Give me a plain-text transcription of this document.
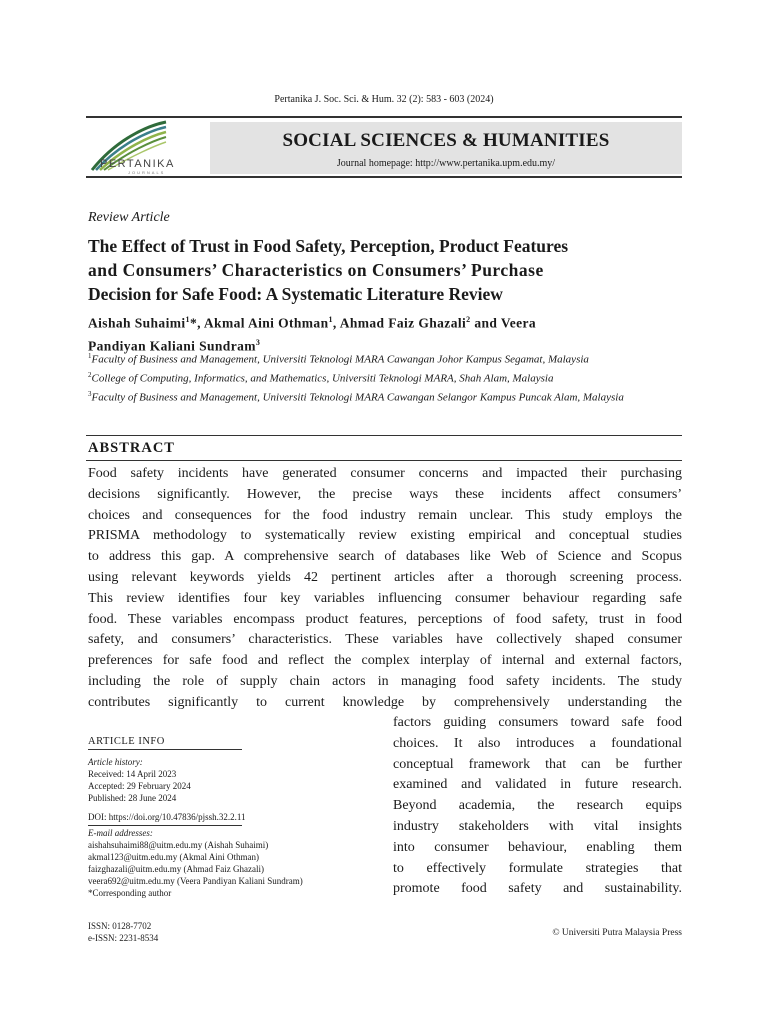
Pertanika J. Soc. Sci. & Hum. 32 (2): 583 - 603 (2024)
PERTANIKA
JOURNALS
SOCIAL SCIENCES & HUMANITIES
Journal homepage: http://www.pertanika.upm.edu.my/
Review Article
The Effect of Trust in Food Safety, Perception, Product Features
and Consumers’ Characteristics on Consumers’ Purchase
Decision for Safe Food: A Systematic Literature Review
Aishah Suhaimi$^1$*, Akmal Aini Othman$^1$, Ahmad Faiz Ghazali$^2$ and Veera
Pandiyan Kaliani Sundram$^3$

$^1$Faculty of Business and Management, Universiti Teknologi MARA Cawangan Johor Kampus Segamat, Malaysia

$^2$College of Computing, Informatics, and Mathematics, Universiti Teknologi MARA, Shah Alam, Malaysia

$^3$Faculty of Business and Management, Universiti Teknologi MARA Cawangan Selangor Kampus Puncak Alam, Malaysia

ABSTRACT
Food safety incidents have generated consumer concerns and impacted their purchasing
decisions significantly. However, the precise ways these incidents affect consumers’
choices and consequences for the food industry remain unclear. This study employs the
PRISMA methodology to systematically review existing empirical and conceptual studies
to address this gap. A comprehensive search of databases like Web of Science and Scopus
using relevant keywords yields 42 pertinent articles after a thorough screening process.
This review identifies four key variables influencing consumer behaviour regarding safe
food. These variables encompass product features, perceptions of food safety, trust in food
safety, and consumers’ characteristics. These variables have collectively shaped consumer
preferences for safe food and reflect the complex interplay of internal and external factors,
including the role of supply chain actors in managing food safety incidents. The study
contributes significantly to current knowledge by comprehensively understanding the
factors guiding consumers toward safe food
choices. It also introduces a foundational
conceptual framework that can be further
examined and validated in future research.
Beyond academia, the research equips
industry stakeholders with vital insights
into consumer behaviour, enabling them
to effectively formulate strategies that
promote food safety and sustainability.
ARTICLE INFO
Article history:
Received: 14 April 2023
Accepted: 29 February 2024
Published: 28 June 2024
DOI: https://doi.org/10.47836/pjssh.32.2.11
E-mail addresses:
aishahsuhaimi88@uitm.edu.my (Aishah Suhaimi)
akmal123@uitm.edu.my (Akmal Aini Othman)
faizghazali@uitm.edu.my (Ahmad Faiz Ghazali)
veera692@uitm.edu.my (Veera Pandiyan Kaliani Sundram)
*Corresponding author
ISSN: 0128-7702
e-ISSN: 2231-8534	© Universiti Putra Malaysia Press
